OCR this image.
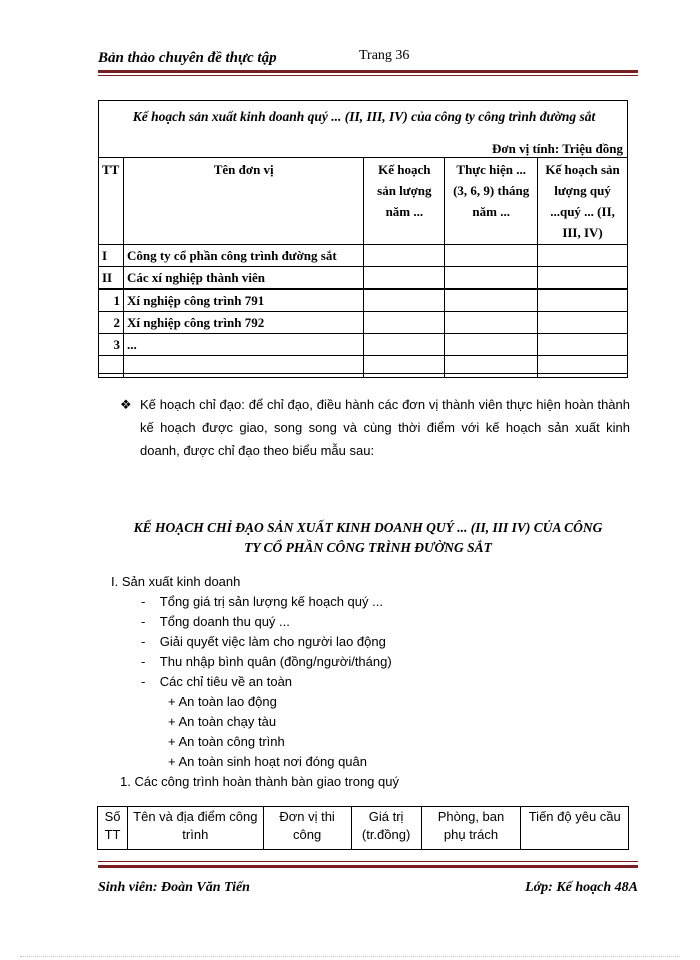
Bản thảo chuyên đề thực tập	Trang 36
Kế hoạch sản xuất kinh doanh quý ... (II, III, IV) của công ty công trình đường sắt
Đơn vị tính: Triệu đồng
TT	Tên đơn vị	Kế hoạch sản lượng năm ...	Thực hiện ... (3, 6, 9) tháng năm ...	Kế hoạch sản lượng quý ...quý ... (II, III, IV)
I	Công ty cổ phần công trình đường sắt			
II	Các xí nghiệp thành viên			
1	Xí nghiệp công trình 791			
2	Xí nghiệp công trình 792			
3	...			

❖ Kế hoạch chỉ đạo: để chỉ đạo, điều hành các đơn vị thành viên thực hiện hoàn thành kế hoạch được giao, song song và cùng thời điểm với kế hoạch sản xuất kinh doanh, được chỉ đạo theo biểu mẫu sau:
KẾ HOẠCH CHỈ ĐẠO SẢN XUẤT KINH DOANH QUÝ ... (II, III IV) CỦA CÔNG
TY CỔ PHẦN CÔNG TRÌNH ĐƯỜNG SẮT
I. Sản xuất kinh doanh
-    Tổng giá trị sản lượng kế hoạch quý ...
-    Tổng doanh thu quý ...
-    Giải quyết việc làm cho người lao động
-    Thu nhập bình quân (đồng/người/tháng)
-    Các chỉ tiêu về an toàn
+ An toàn lao động
+ An toàn chạy tàu
+ An toàn công trình
+ An toàn sinh hoạt nơi đóng quân
1. Các công trình hoàn thành bàn giao trong quý
Số TT	Tên và địa điểm công trình	Đơn vị thi công	Giá trị (tr.đồng)	Phòng, ban phụ trách	Tiến độ yêu cầu
Sinh viên: Đoàn Văn Tiến	Lớp: Kế hoạch 48A
